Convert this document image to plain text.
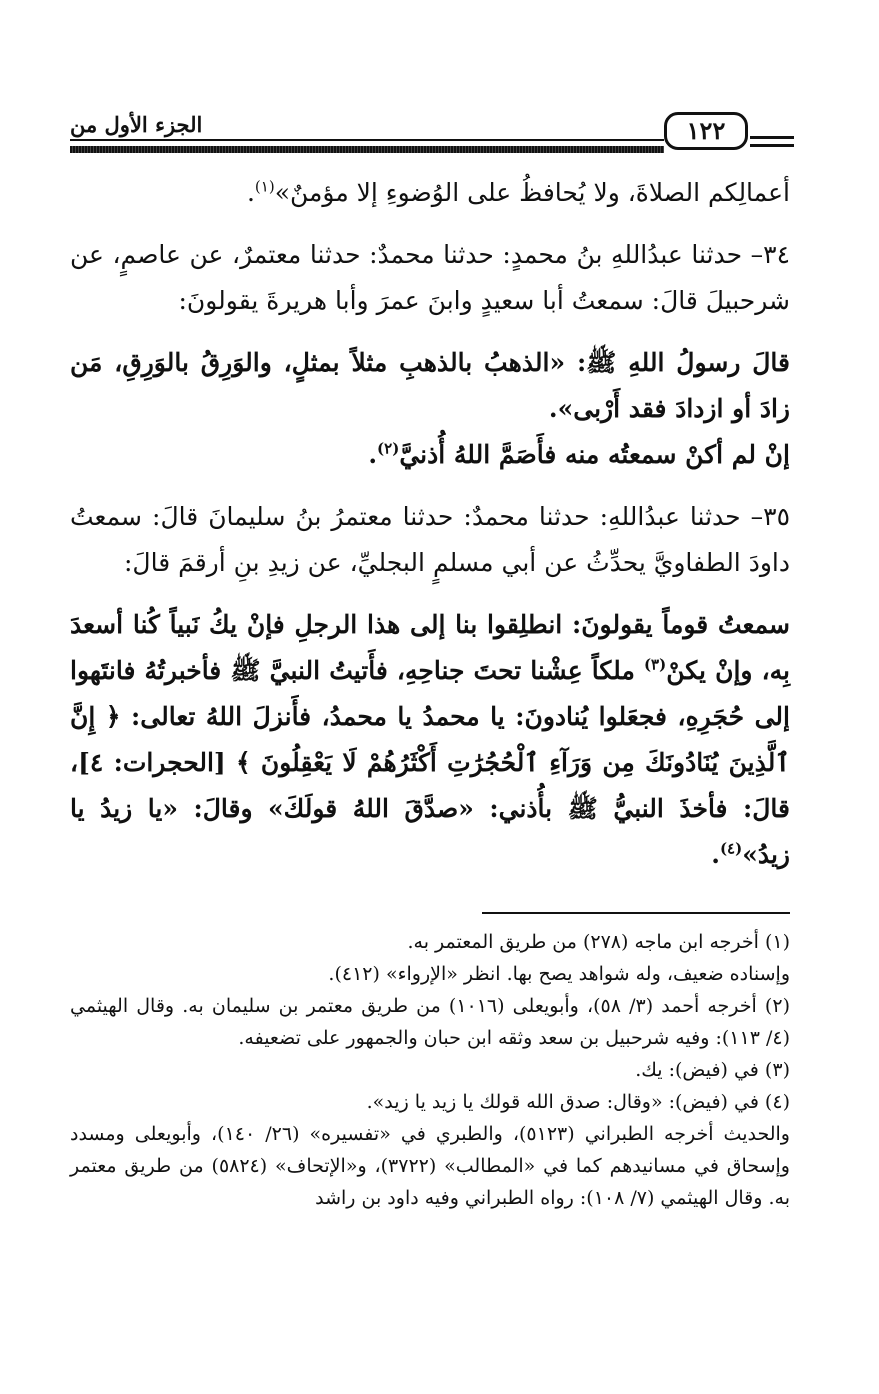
الجزء الأول من	١٢٢

أعمالِكم الصلاةَ، ولا يُحافظُ على الوُضوءِ إلا مؤمنٌ»$^{(١)}$.

٣٤– حدثنا عبدُاللهِ بنُ محمدٍ: حدثنا محمدٌ: حدثنا معتمرٌ، عن عاصمٍ، عن شرحبيلَ قالَ: سمعتُ أبا سعيدٍ وابنَ عمرَ وأبا هريرةَ يقولونَ:

قالَ رسولُ اللهِ ﷺ: «الذهبُ بالذهبِ مثلاً بمثلٍ، والوَرِقُ بالوَرِقِ، مَن زادَ أو ازدادَ فقد أَرْبى».

إنْ لم أكنْ سمعتُه منه فأَصَمَّ اللهُ أُذنيَّ$^{(٢)}$.

٣٥– حدثنا عبدُاللهِ: حدثنا محمدٌ: حدثنا معتمرُ بنُ سليمانَ قالَ: سمعتُ داودَ الطفاويَّ يحدِّثُ عن أبي مسلمٍ البجليِّ، عن زيدِ بنِ أرقمَ قالَ:

سمعتُ قوماً يقولونَ: انطلِقوا بنا إلى هذا الرجلِ فإنْ يكُ نَبياً كُنا أسعدَ بِه، وإنْ يكنْ$^{(٣)}$ ملكاً عِشْنا تحتَ جناحِهِ، فأَتيتُ النبيَّ ﷺ فأخبرتُهُ فانتَهوا إلى حُجَرِهِ، فجعَلوا يُنادونَ: يا محمدُ يا محمدُ، فأَنزلَ اللهُ تعالى: ﴿ إِنَّ ٱلَّذِينَ يُنَادُونَكَ مِن وَرَآءِ ٱلْحُجُرَٰتِ أَكْثَرُهُمْ لَا يَعْقِلُونَ ﴾ [الحجرات: ٤]، قالَ: فأخذَ النبيُّ ﷺ بأُذني: «صدَّقَ اللهُ قولَكَ» وقالَ: «يا زيدُ يا زيدُ»$^{(٤)}$.

(١) أخرجه ابن ماجه (٢٧٨) من طريق المعتمر به.

وإسناده ضعيف، وله شواهد يصح بها. انظر «الإرواء» (٤١٢).

(٢) أخرجه أحمد (٣/ ٥٨)، وأبويعلى (١٠١٦) من طريق معتمر بن سليمان به. وقال الهيثمي (٤/ ١١٣): وفيه شرحبيل بن سعد وثقه ابن حبان والجمهور على تضعيفه.

(٣) في (فيض): يك.

(٤) في (فيض): «وقال: صدق الله قولك يا زيد يا زيد».

والحديث أخرجه الطبراني (٥١٢٣)، والطبري في «تفسيره» (٢٦/ ١٤٠)، وأبويعلى ومسدد وإسحاق في مسانيدهم كما في «المطالب» (٣٧٢٢)، و«الإتحاف» (٥٨٢٤) من طريق معتمر به. وقال الهيثمي (٧/ ١٠٨): رواه الطبراني وفيه داود بن راشد
